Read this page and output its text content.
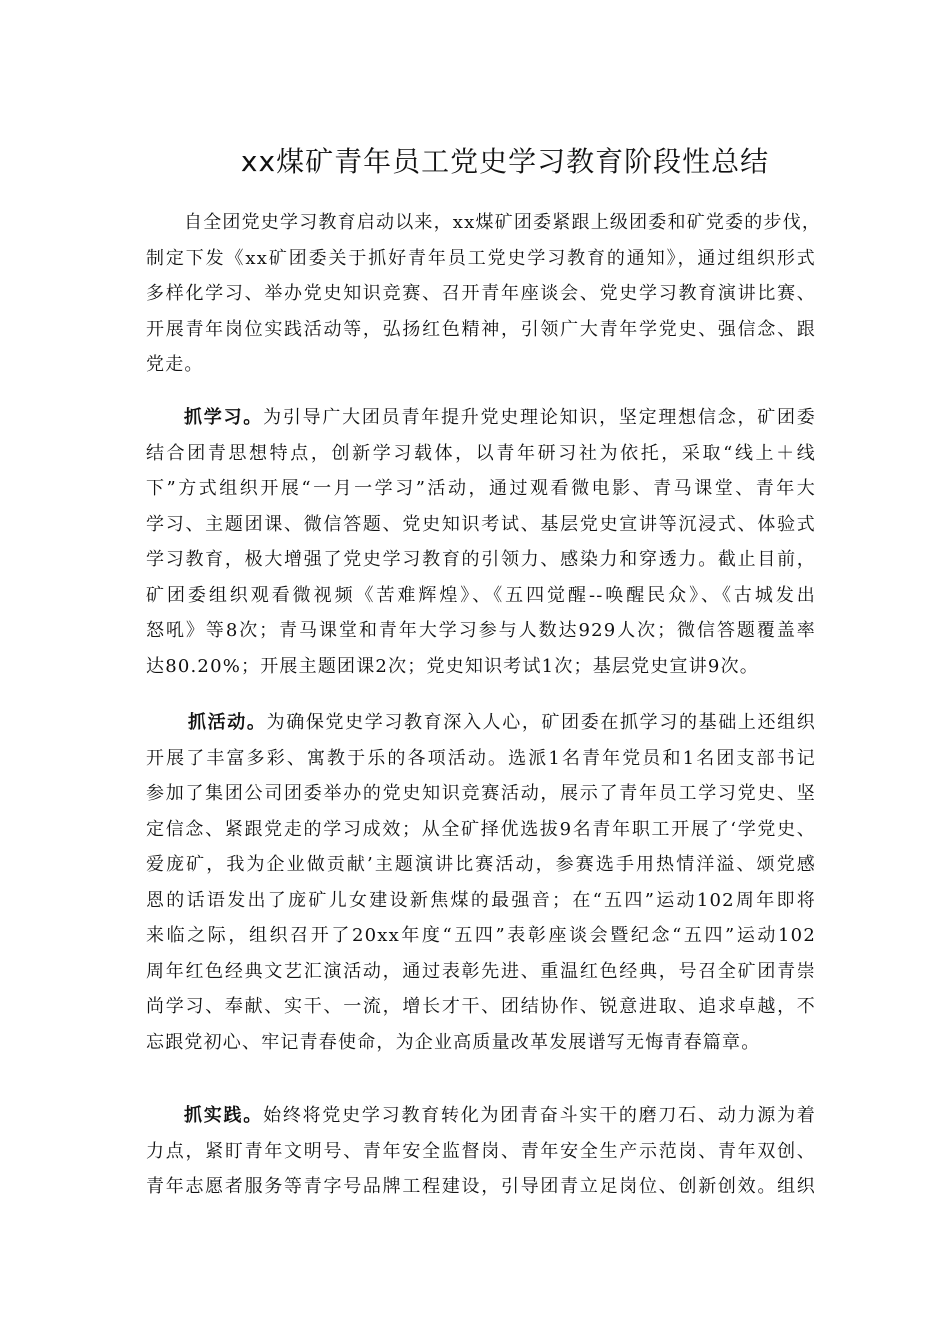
xx煤矿青年员工党史学习教育阶段性总结
自全团党史学习教育启动以来，xx煤矿团委紧跟上级团委和矿党委的步伐，
制定下发《xx矿团委关于抓好青年员工党史学习教育的通知》，通过组织形式
多样化学习、举办党史知识竞赛、召开青年座谈会、党史学习教育演讲比赛、
开展青年岗位实践活动等，弘扬红色精神，引领广大青年学党史、强信念、跟
党走。
抓学习。为引导广大团员青年提升党史理论知识，坚定理想信念，矿团委
结合团青思想特点，创新学习载体，以青年研习社为依托，采取“线上＋线
下”方式组织开展“一月一学习”活动，通过观看微电影、青马课堂、青年大
学习、主题团课、微信答题、党史知识考试、基层党史宣讲等沉浸式、体验式
学习教育，极大增强了党史学习教育的引领力、感染力和穿透力。截止目前，
矿团委组织观看微视频《苦难辉煌》、《五四觉醒--唤醒民众》、《古城发出
怒吼》等8次；青马课堂和青年大学习参与人数达929人次；微信答题覆盖率
达80.20%；开展主题团课2次；党史知识考试1次；基层党史宣讲9次。
抓活动。为确保党史学习教育深入人心，矿团委在抓学习的基础上还组织
开展了丰富多彩、寓教于乐的各项活动。选派1名青年党员和1名团支部书记
参加了集团公司团委举办的党史知识竞赛活动，展示了青年员工学习党史、坚
定信念、紧跟党走的学习成效；从全矿择优选拔9名青年职工开展了‘学党史、
爱庞矿，我为企业做贡献’主题演讲比赛活动，参赛选手用热情洋溢、颂党感
恩的话语发出了庞矿儿女建设新焦煤的最强音；在“五四”运动102周年即将
来临之际，组织召开了20xx年度“五四”表彰座谈会暨纪念“五四”运动102
周年红色经典文艺汇演活动，通过表彰先进、重温红色经典，号召全矿团青崇
尚学习、奉献、实干、一流，增长才干、团结协作、锐意进取、追求卓越，不
忘跟党初心、牢记青春使命，为企业高质量改革发展谱写无悔青春篇章。
抓实践。始终将党史学习教育转化为团青奋斗实干的磨刀石、动力源为着
力点，紧盯青年文明号、青年安全监督岗、青年安全生产示范岗、青年双创、
青年志愿者服务等青字号品牌工程建设，引导团青立足岗位、创新创效。组织
